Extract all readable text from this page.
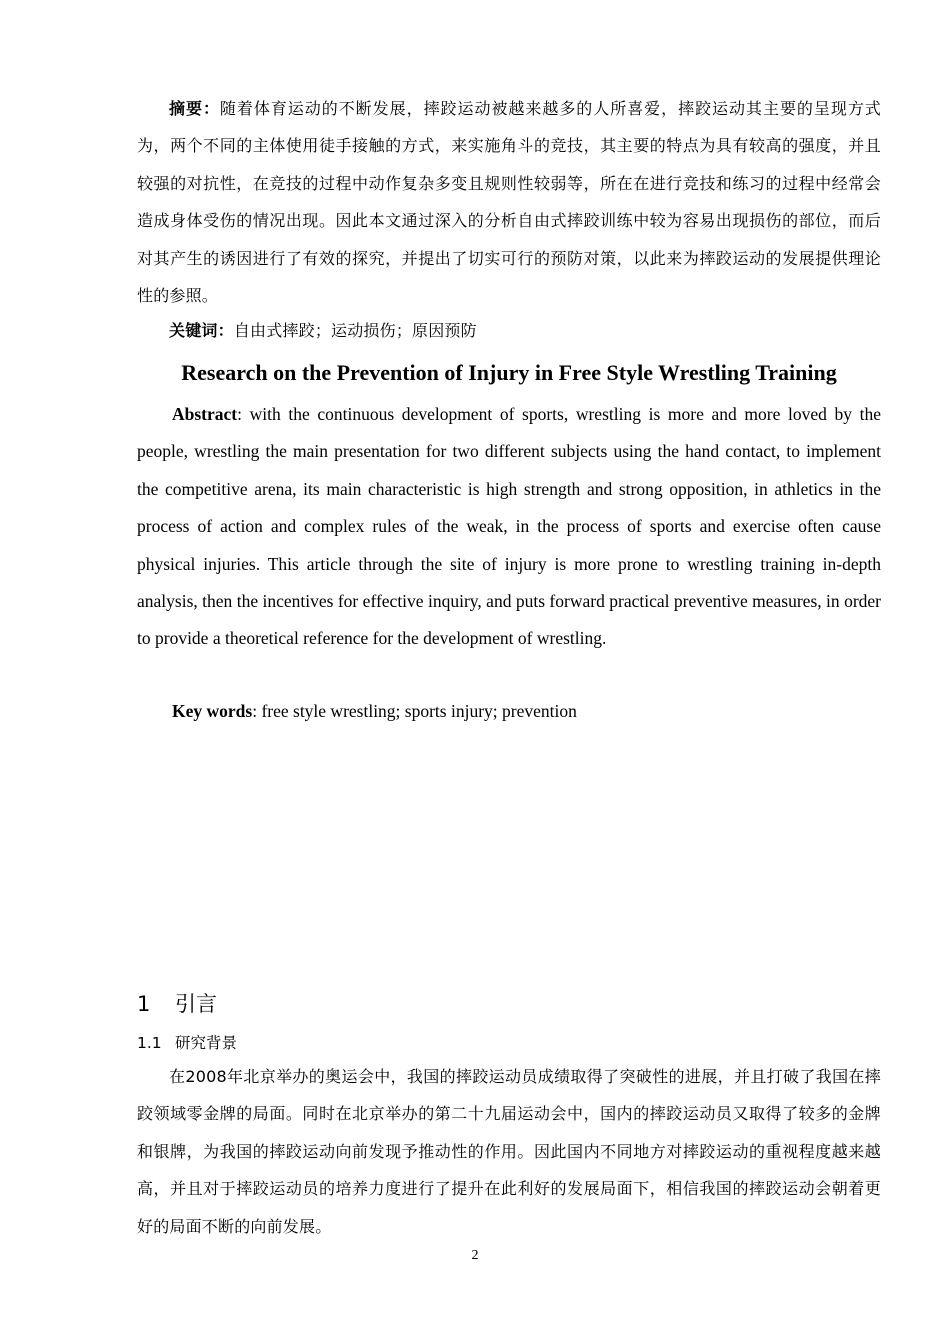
摘要：随着体育运动的不断发展，摔跤运动被越来越多的人所喜爱，摔跤运动其主要的呈现方式为，两个不同的主体使用徒手接触的方式，来实施角斗的竞技，其主要的特点为具有较高的强度，并且较强的对抗性，在竞技的过程中动作复杂多变且规则性较弱等，所在在进行竞技和练习的过程中经常会造成身体受伤的情况出现。因此本文通过深入的分析自由式摔跤训练中较为容易出现损伤的部位，而后对其产生的诱因进行了有效的探究，并提出了切实可行的预防对策，以此来为摔跤运动的发展提供理论性的参照。

关键词：自由式摔跤；运动损伤；原因预防

Research on the Prevention of Injury in Free Style Wrestling Training

Abstract: with the continuous development of sports, wrestling is more and more loved by the people, wrestling the main presentation for two different subjects using the hand contact, to implement the competitive arena, its main characteristic is high strength and strong opposition, in athletics in the process of action and complex rules of the weak, in the process of sports and exercise often cause physical injuries. This article through the site of injury is more prone to wrestling training in-depth analysis, then the incentives for effective inquiry, and puts forward practical preventive measures, in order to provide a theoretical reference for the development of wrestling.

Key words: free style wrestling; sports injury; prevention

1 引言
1.1 研究背景

在2008年北京举办的奥运会中，我国的摔跤运动员成绩取得了突破性的进展，并且打破了我国在摔跤领域零金牌的局面。同时在北京举办的第二十九届运动会中，国内的摔跤运动员又取得了较多的金牌和银牌，为我国的摔跤运动向前发现予推动性的作用。因此国内不同地方对摔跤运动的重视程度越来越高，并且对于摔跤运动员的培养力度进行了提升在此利好的发展局面下，相信我国的摔跤运动会朝着更好的局面不断的向前发展。

2
